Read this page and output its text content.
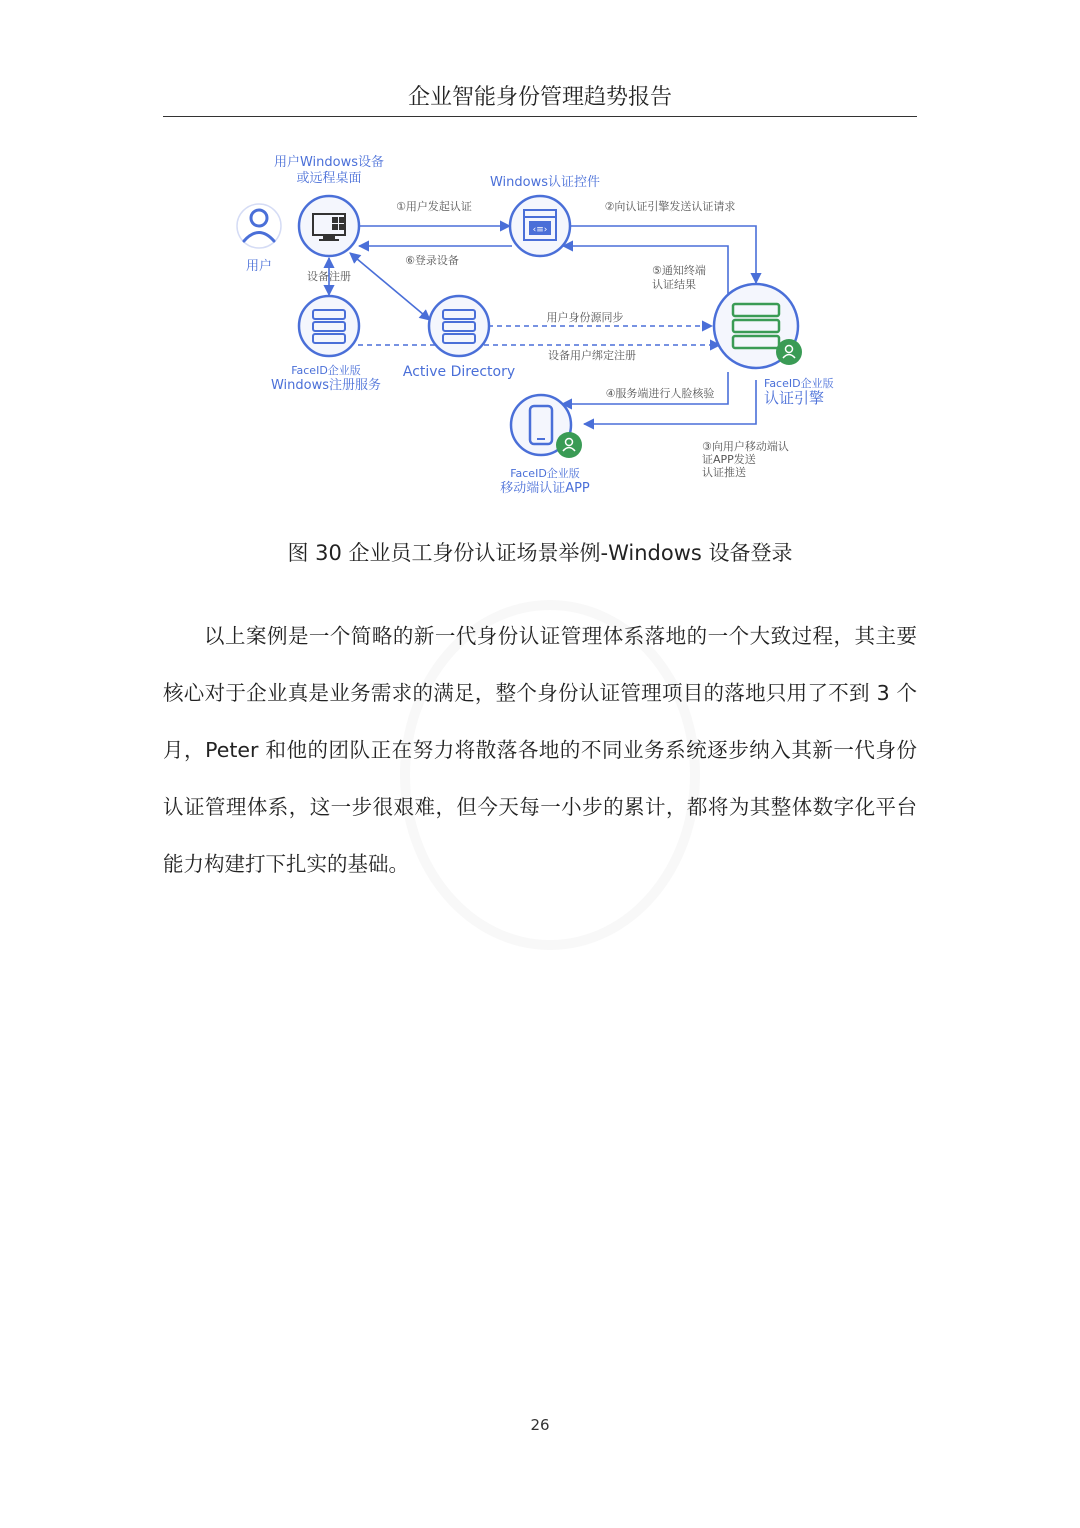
企业智能身份管理趋势报告
‹≡›
用户
用户Windows设备
或远程桌面	Windows认证控件
FaceID企业版
Windows注册服务
Active Directory
FaceID企业版
认证引擎
FaceID企业版
移动端认证APP
①用户发起认证	②向认证引擎发送认证请求
⑤通知终端
认证结果
⑥登录设备
设备注册
用户身份源同步
设备用户绑定注册
④服务端进行人脸核验
③向用户移动端认
证APP发送
认证推送
图 30 企业员工身份认证场景举例-Windows 设备登录

以上案例是一个简略的新一代身份认证管理体系落地的一个大致过程，其主要核心对于企业真是业务需求的满足，整个身份认证管理项目的落地只用了不到 3 个月，Peter 和他的团队正在努力将散落各地的不同业务系统逐步纳入其新一代身份认证管理体系，这一步很艰难，但今天每一小步的累计，都将为其整体数字化平台能力构建打下扎实的基础。

26
